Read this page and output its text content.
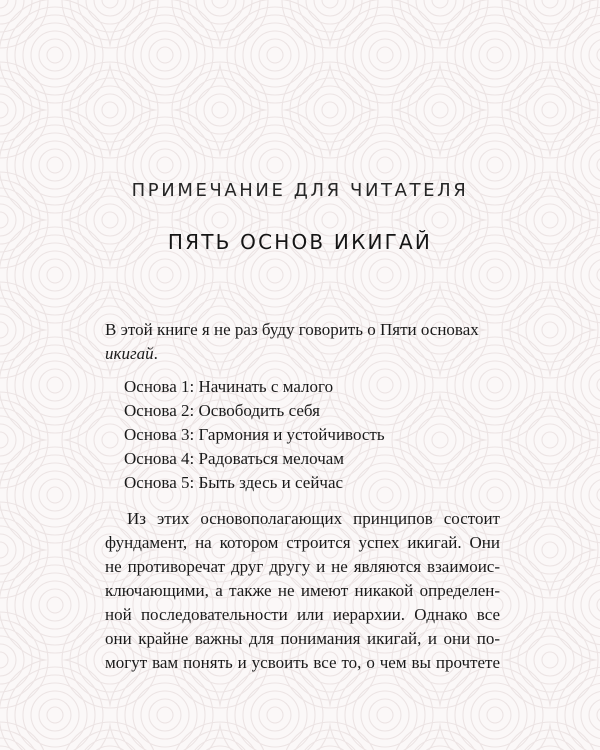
ПРИМЕЧАНИЕ ДЛЯ ЧИТАТЕЛЯ
ПЯТЬ ОСНОВ ИКИГАЙ

В этой книге я не раз буду говорить о Пяти основах икигай.

Основа 1: Начинать с малого
Основа 2: Освободить себя
Основа 3: Гармония и устойчивость
Основа 4: Радоваться мелочам
Основа 5: Быть здесь и сейчас
Из этих основополагающих принципов состоит
фундамент, на котором строится успех икигай. Они
не противоречат друг другу и не являются взаимоис-
ключающими, а также не имеют никакой определен-
ной последовательности или иерархии. Однако все
они крайне важны для понимания икигай, и они по-
могут вам понять и усвоить все то, о чем вы прочтете
